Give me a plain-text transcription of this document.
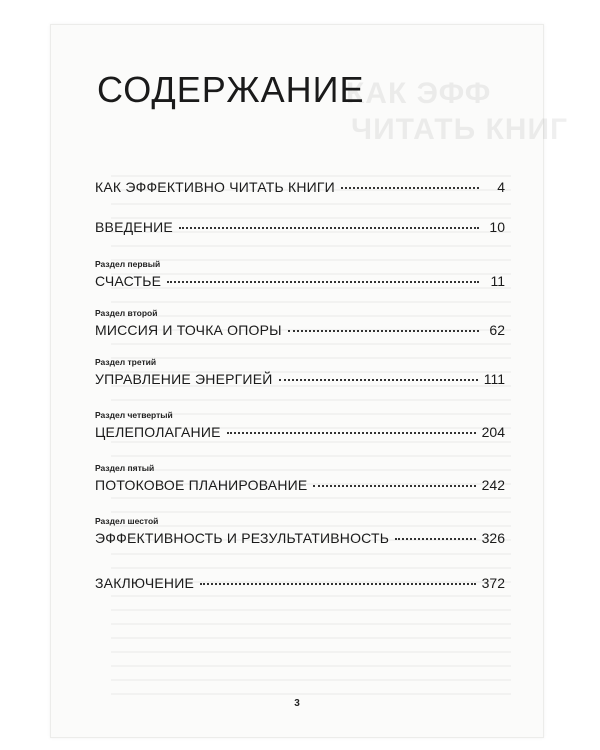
КАК ЭФФ
ЧИТАТЬ КНИГ
СОДЕРЖАНИЕ
КАК ЭФФЕКТИВНО ЧИТАТЬ КНИГИ	4
ВВЕДЕНИЕ	10
Раздел первый
СЧАСТЬЕ	11
Раздел второй
МИССИЯ И ТОЧКА ОПОРЫ	62
Раздел третий
УПРАВЛЕНИЕ ЭНЕРГИЕЙ	111
Раздел четвертый
ЦЕЛЕПОЛАГАНИЕ	204
Раздел пятый
ПОТОКОВОЕ ПЛАНИРОВАНИЕ	242
Раздел шестой
ЭФФЕКТИВНОСТЬ И РЕЗУЛЬТАТИВНОСТЬ	326
ЗАКЛЮЧЕНИЕ	372
3
